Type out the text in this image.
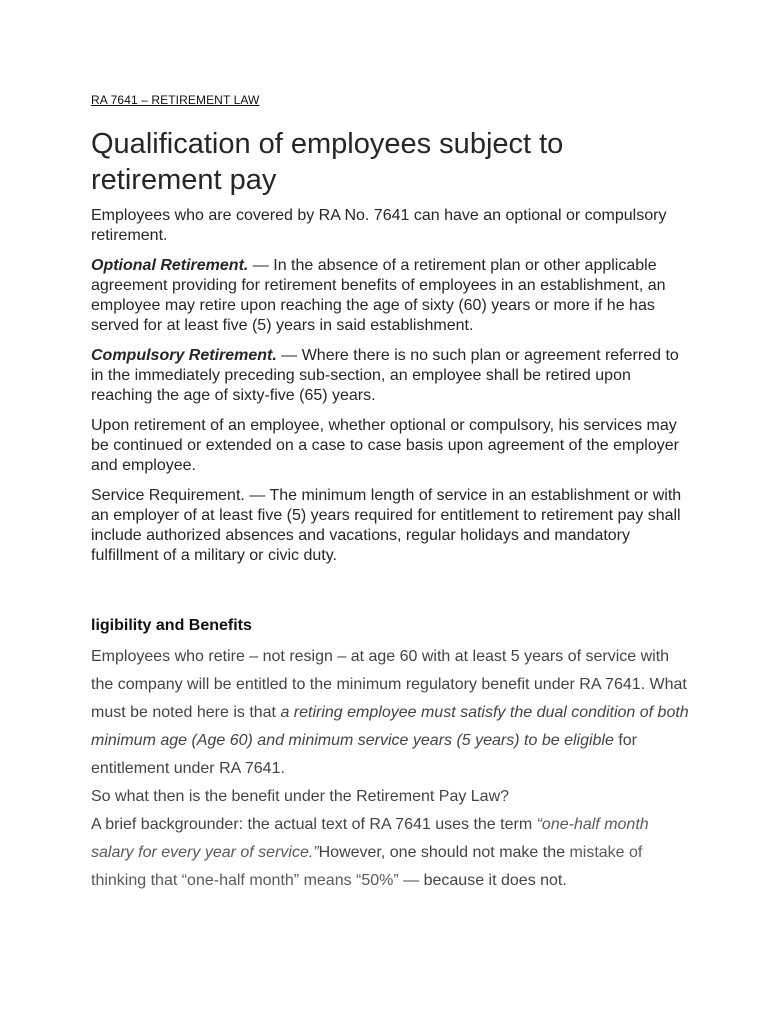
RA 7641 – RETIREMENT LAW
Qualification of employees subject to retirement pay

Employees who are covered by RA No. 7641 can have an optional or compulsory retirement.

Optional Retirement. — In the absence of a retirement plan or other applicable agreement providing for retirement benefits of employees in an establishment, an employee may retire upon reaching the age of sixty (60) years or more if he has served for at least five (5) years in said establishment.

Compulsory Retirement. — Where there is no such plan or agreement referred to in the immediately preceding sub-section, an employee shall be retired upon reaching the age of sixty-five (65) years.

Upon retirement of an employee, whether optional or compulsory, his services may be continued or extended on a case to case basis upon agreement of the employer and employee.

Service Requirement. — The minimum length of service in an establishment or with an employer of at least five (5) years required for entitlement to retirement pay shall include authorized absences and vacations, regular holidays and mandatory fulfillment of a military or civic duty.

ligibility and Benefits

Employees who retire – not resign – at age 60 with at least 5 years of service with the company will be entitled to the minimum regulatory benefit under RA 7641. What must be noted here is that a retiring employee must satisfy the dual condition of both minimum age (Age 60) and minimum service years (5 years) to be eligible for entitlement under RA 7641.

So what then is the benefit under the Retirement Pay Law?

A brief backgrounder: the actual text of RA 7641 uses the term “one-half month salary for every year of service.”However, one should not make the mistake of thinking that “one-half month” means “50%” — because it does not.
